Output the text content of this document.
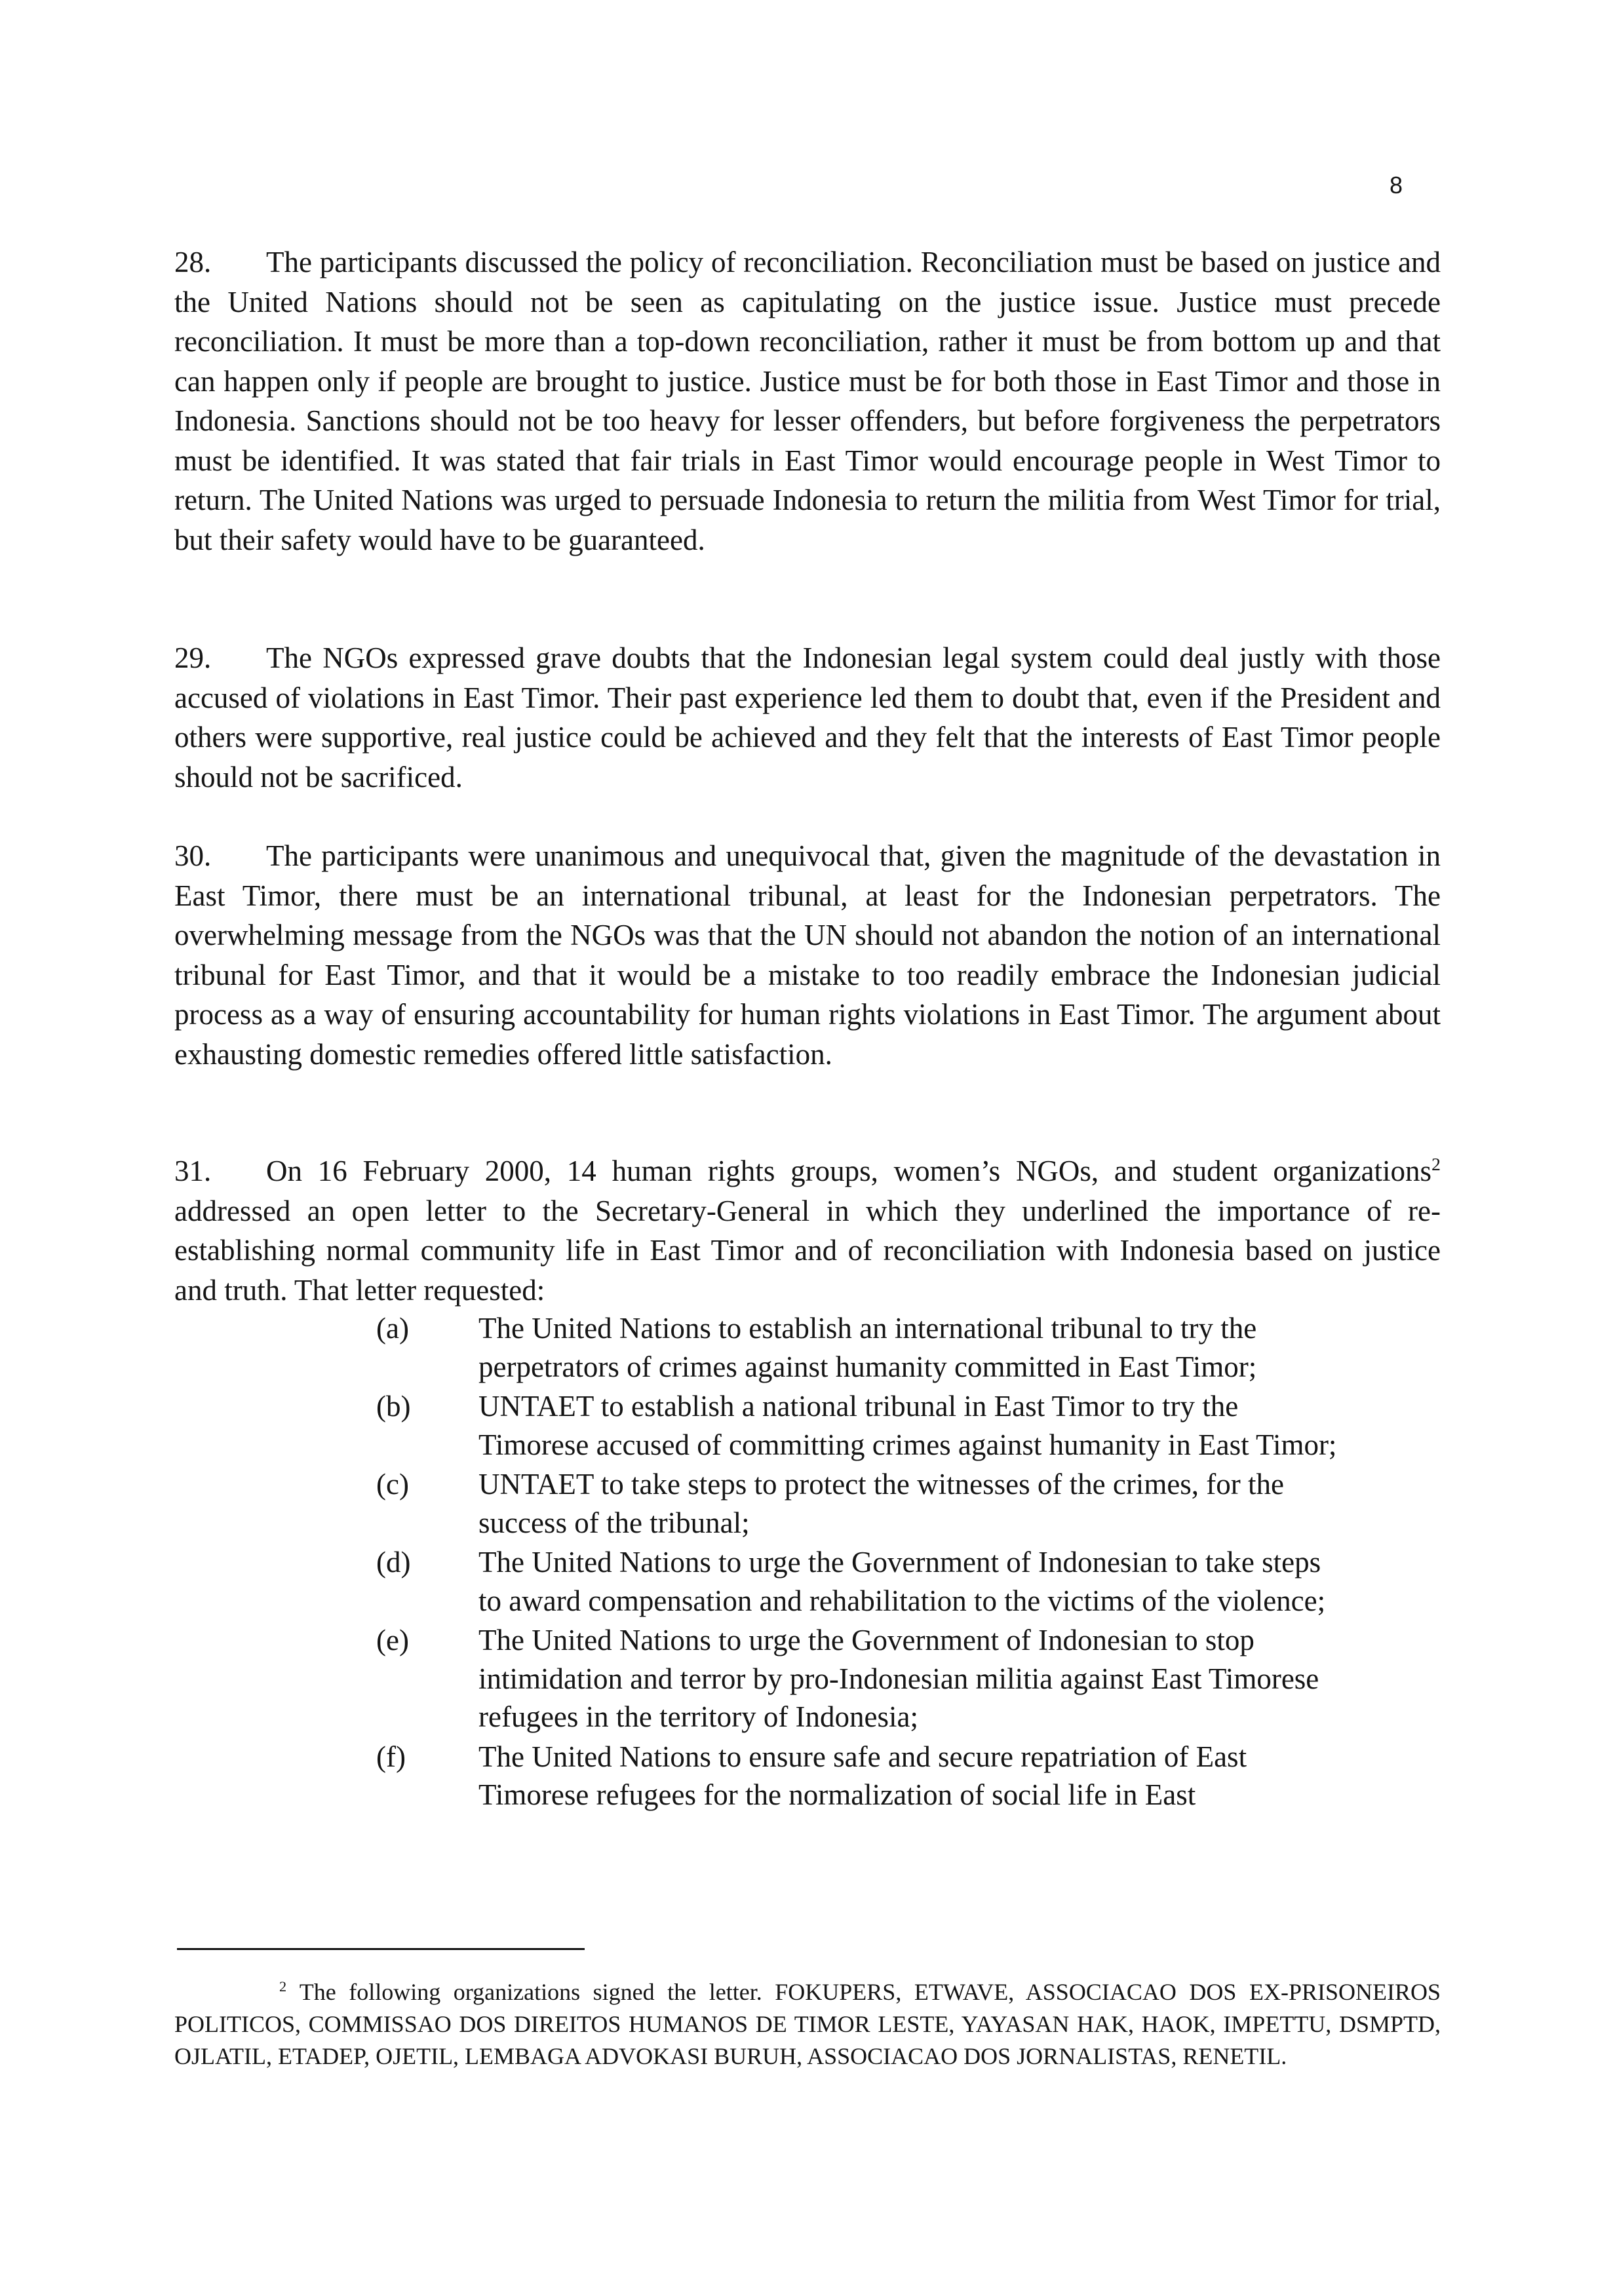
8

28. The participants discussed the policy of reconciliation. Reconciliation must be based on justice and the United Nations should not be seen as capitulating on the justice issue. Justice must precede reconciliation. It must be more than a top-down reconciliation, rather it must be from bottom up and that can happen only if people are brought to justice. Justice must be for both those in East Timor and those in Indonesia. Sanctions should not be too heavy for lesser offenders, but before forgiveness the perpetrators must be identified. It was stated that fair trials in East Timor would encourage people in West Timor to return. The United Nations was urged to persuade Indonesia to return the militia from West Timor for trial, but their safety would have to be guaranteed.

29. The NGOs expressed grave doubts that the Indonesian legal system could deal justly with those accused of violations in East Timor. Their past experience led them to doubt that, even if the President and others were supportive, real justice could be achieved and they felt that the interests of East Timor people should not be sacrificed.

30. The participants were unanimous and unequivocal that, given the magnitude of the devastation in East Timor, there must be an international tribunal, at least for the Indonesian perpetrators. The overwhelming message from the NGOs was that the UN should not abandon the notion of an international tribunal for East Timor, and that it would be a mistake to too readily embrace the Indonesian judicial process as a way of ensuring accountability for human rights violations in East Timor. The argument about exhausting domestic remedies offered little satisfaction.

31. On 16 February 2000, 14 human rights groups, women’s NGOs, and student organizations$^2$ addressed an open letter to the Secretary-General in which they underlined the importance of re-establishing normal community life in East Timor and of reconciliation with Indonesia based on justice and truth. That letter requested:

(a) The United Nations to establish an international tribunal to try the perpetrators of crimes against humanity committed in East Timor;
(b) UNTAET to establish a national tribunal in East Timor to try the Timorese accused of committing crimes against humanity in East Timor;
(c) UNTAET to take steps to protect the witnesses of the crimes, for the success of the tribunal;
(d) The United Nations to urge the Government of Indonesian to take steps to award compensation and rehabilitation to the victims of the violence;
(e) The United Nations to urge the Government of Indonesian to stop intimidation and terror by pro-Indonesian militia against East Timorese refugees in the territory of Indonesia;
(f) The United Nations to ensure safe and secure repatriation of East Timorese refugees for the normalization of social life in East

$^2$ The following organizations signed the letter. FOKUPERS, ETWAVE, ASSOCIACAO DOS EX-PRISONEIROS POLITICOS, COMMISSAO DOS DIREITOS HUMANOS DE TIMOR LESTE, YAYASAN HAK, HAOK, IMPETTU, DSMPTD, OJLATIL, ETADEP, OJETIL, LEMBAGA ADVOKASI BURUH, ASSOCIACAO DOS JORNALISTAS, RENETIL.
